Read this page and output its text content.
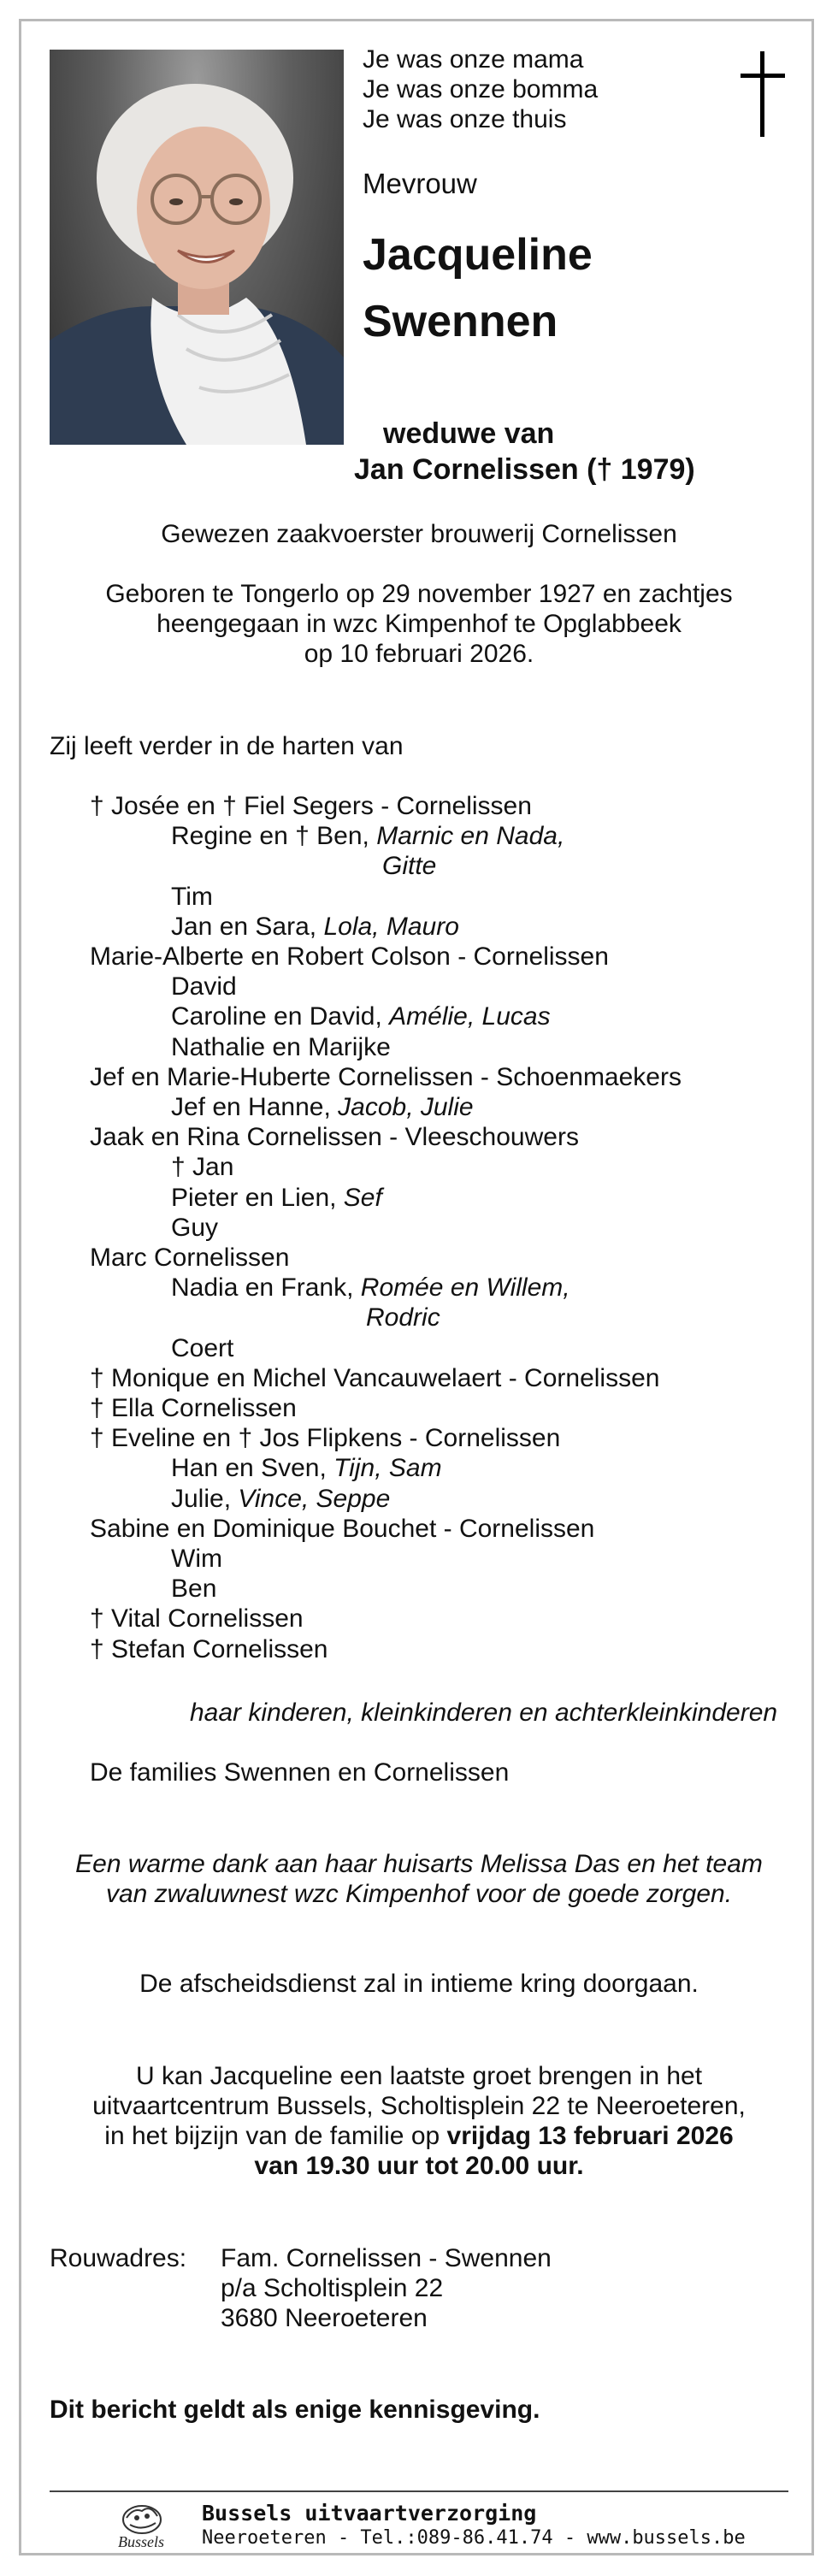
Je was onze mama
Je was onze bomma
Je was onze thuis
Mevrouw
Jacqueline
Swennen
weduwe van
Jan Cornelissen († 1979)
Gewezen zaakvoerster brouwerij Cornelissen
Geboren te Tongerlo op 29 november 1927 en zachtjes
heengegaan in wzc Kimpenhof te Opglabbeek
op 10 februari 2026.
Zij leeft verder in de harten van
† Josée en † Fiel Segers - Cornelissen
Regine en † Ben, Marnic en Nada,
Gitte
Tim
Jan en Sara, Lola, Mauro
Marie-Alberte en Robert Colson - Cornelissen
David
Caroline en David, Amélie, Lucas
Nathalie en Marijke
Jef en Marie-Huberte Cornelissen - Schoenmaekers
Jef en Hanne, Jacob, Julie
Jaak en Rina Cornelissen - Vleeschouwers
† Jan
Pieter en Lien, Sef
Guy
Marc Cornelissen
Nadia en Frank, Romée en Willem,
Rodric
Coert
† Monique en Michel Vancauwelaert - Cornelissen
† Ella Cornelissen
† Eveline en † Jos Flipkens - Cornelissen
Han en Sven, Tijn, Sam
Julie, Vince, Seppe
Sabine en Dominique Bouchet - Cornelissen
Wim
Ben
† Vital Cornelissen
† Stefan Cornelissen
haar kinderen, kleinkinderen en achterkleinkinderen
De families Swennen en Cornelissen
Een warme dank aan haar huisarts Melissa Das en het team
van zwaluwnest wzc Kimpenhof voor de goede zorgen.
De afscheidsdienst zal in intieme kring doorgaan.
U kan Jacqueline een laatste groet brengen in het
uitvaartcentrum Bussels, Scholtisplein 22 te Neeroeteren,
in het bijzijn van de familie op vrijdag 13 februari 2026
van 19.30 uur tot 20.00 uur.
Rouwadres: Fam. Cornelissen - Swennen
p/a Scholtisplein 22
3680 Neeroeteren
Dit bericht geldt als enige kennisgeving.
Bussels
Bussels uitvaartverzorging
Neeroeteren - Tel.:089-86.41.74 - www.bussels.be
